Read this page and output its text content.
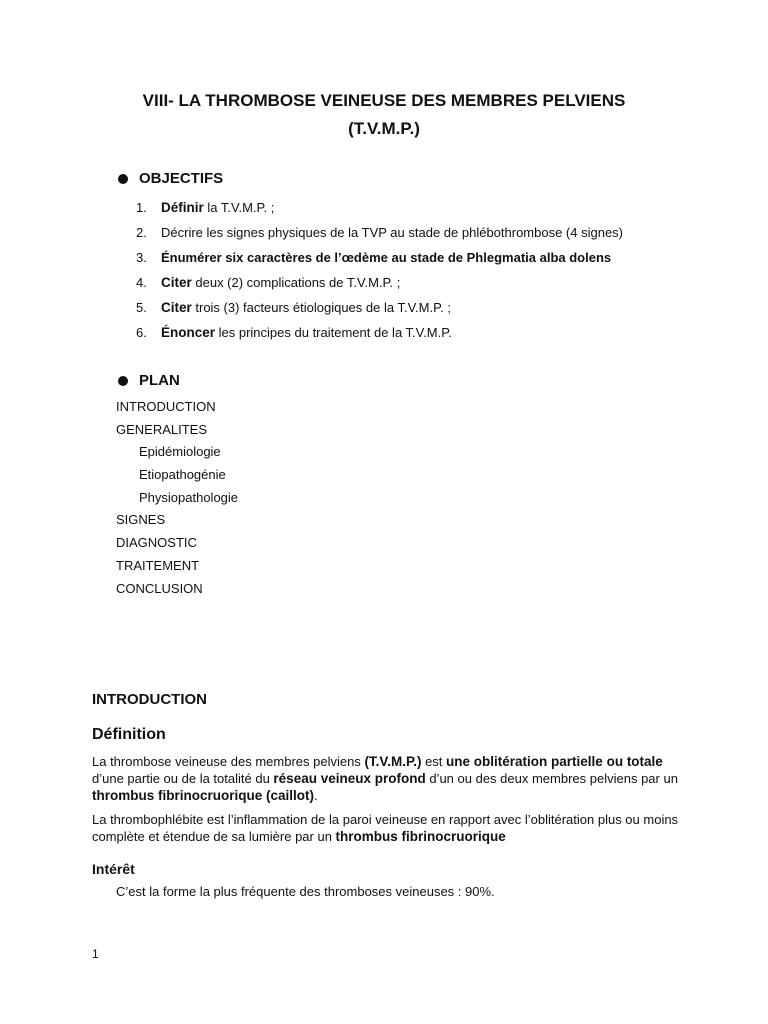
VIII- LA THROMBOSE VEINEUSE DES MEMBRES PELVIENS
(T.V.M.P.)
OBJECTIFS
1. Définir la T.V.M.P. ;
2. Décrire les signes physiques de la TVP au stade de phlébothrombose (4 signes)
3. Énumérer six caractères de l’œdème au stade de Phlegmatia alba dolens
4. Citer deux (2) complications de T.V.M.P. ;
5. Citer trois (3) facteurs étiologiques de la T.V.M.P. ;
6. Énoncer les principes du traitement de la T.V.M.P.
PLAN
INTRODUCTION
GENERALITES
Epidémiologie
Etiopathogénie
Physiopathologie
SIGNES
DIAGNOSTIC
TRAITEMENT
CONCLUSION
INTRODUCTION
Définition
La thrombose veineuse des membres pelviens (T.V.M.P.) est une oblitération partielle ou totale d’une partie ou de la totalité du réseau veineux profond d’un ou des deux membres pelviens par un thrombus fibrinocruorique (caillot).
La thrombophlébite est l’inflammation de la paroi veineuse en rapport avec l’oblitération plus ou moins complète et étendue de sa lumière par un thrombus fibrinocruorique
Intérêt
C’est la forme la plus fréquente des thromboses veineuses : 90%.
1
